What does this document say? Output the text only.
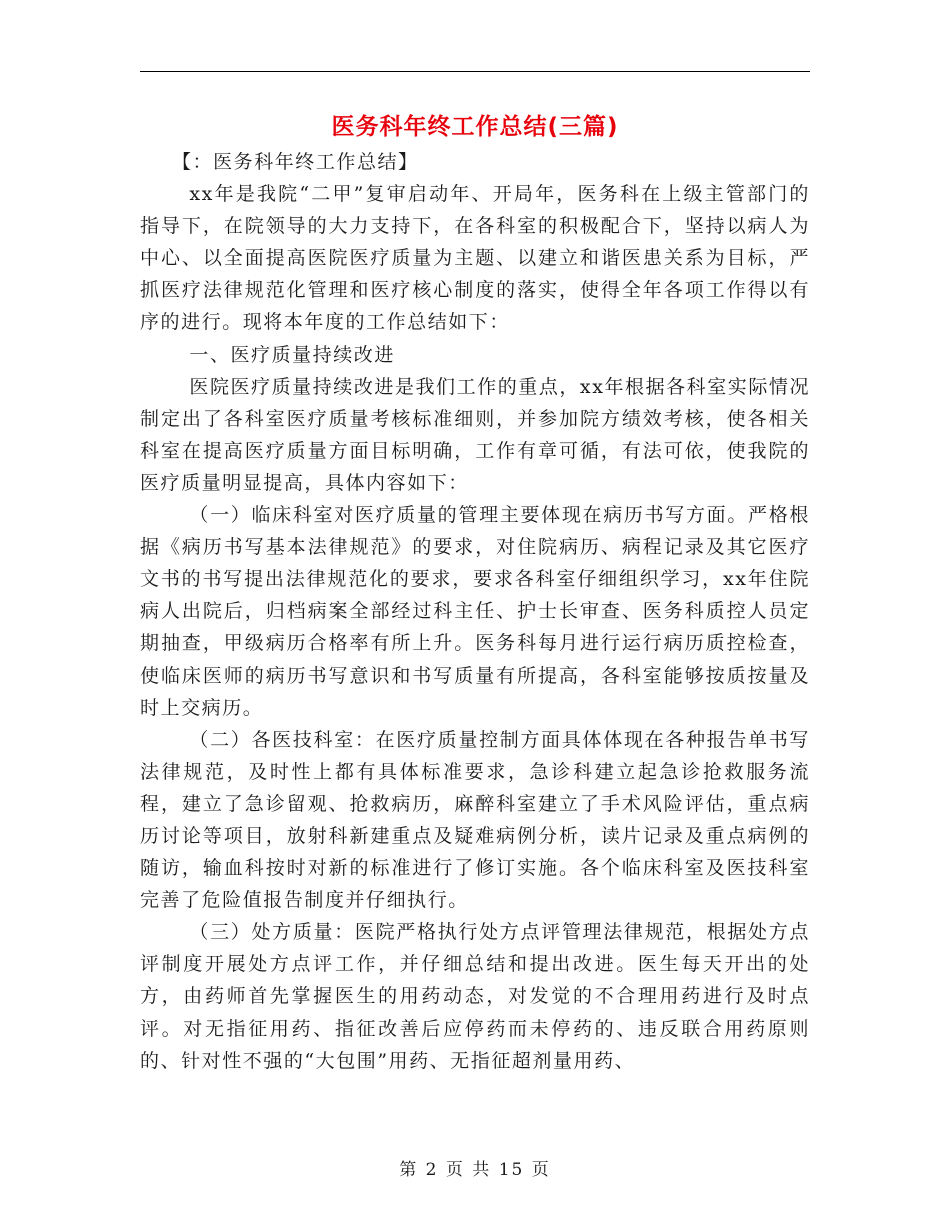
医务科年终工作总结(三篇)

【：医务科年终工作总结】

xx年是我院“二甲”复审启动年、开局年，医务科在上级主管部门的指导下，在院领导的大力支持下，在各科室的积极配合下，坚持以病人为中心、以全面提高医院医疗质量为主题、以建立和谐医患关系为目标，严抓医疗法律规范化管理和医疗核心制度的落实，使得全年各项工作得以有序的进行。现将本年度的工作总结如下：

一、医疗质量持续改进

医院医疗质量持续改进是我们工作的重点，xx年根据各科室实际情况制定出了各科室医疗质量考核标准细则，并参加院方绩效考核，使各相关科室在提高医疗质量方面目标明确，工作有章可循，有法可依，使我院的医疗质量明显提高，具体内容如下：

（一）临床科室对医疗质量的管理主要体现在病历书写方面。严格根据《病历书写基本法律规范》的要求，对住院病历、病程记录及其它医疗文书的书写提出法律规范化的要求，要求各科室仔细组织学习，xx年住院病人出院后，归档病案全部经过科主任、护士长审查、医务科质控人员定期抽查，甲级病历合格率有所上升。医务科每月进行运行病历质控检查，使临床医师的病历书写意识和书写质量有所提高，各科室能够按质按量及时上交病历。

（二）各医技科室：在医疗质量控制方面具体体现在各种报告单书写法律规范，及时性上都有具体标准要求，急诊科建立起急诊抢救服务流程，建立了急诊留观、抢救病历，麻醉科室建立了手术风险评估，重点病历讨论等项目，放射科新建重点及疑难病例分析，读片记录及重点病例的随访，输血科按时对新的标准进行了修订实施。各个临床科室及医技科室完善了危险值报告制度并仔细执行。

（三）处方质量：医院严格执行处方点评管理法律规范，根据处方点评制度开展处方点评工作，并仔细总结和提出改进。医生每天开出的处方，由药师首先掌握医生的用药动态，对发觉的不合理用药进行及时点评。对无指征用药、指征改善后应停药而未停药的、违反联合用药原则的、针对性不强的“大包围”用药、无指征超剂量用药、

第 2 页 共 15 页
